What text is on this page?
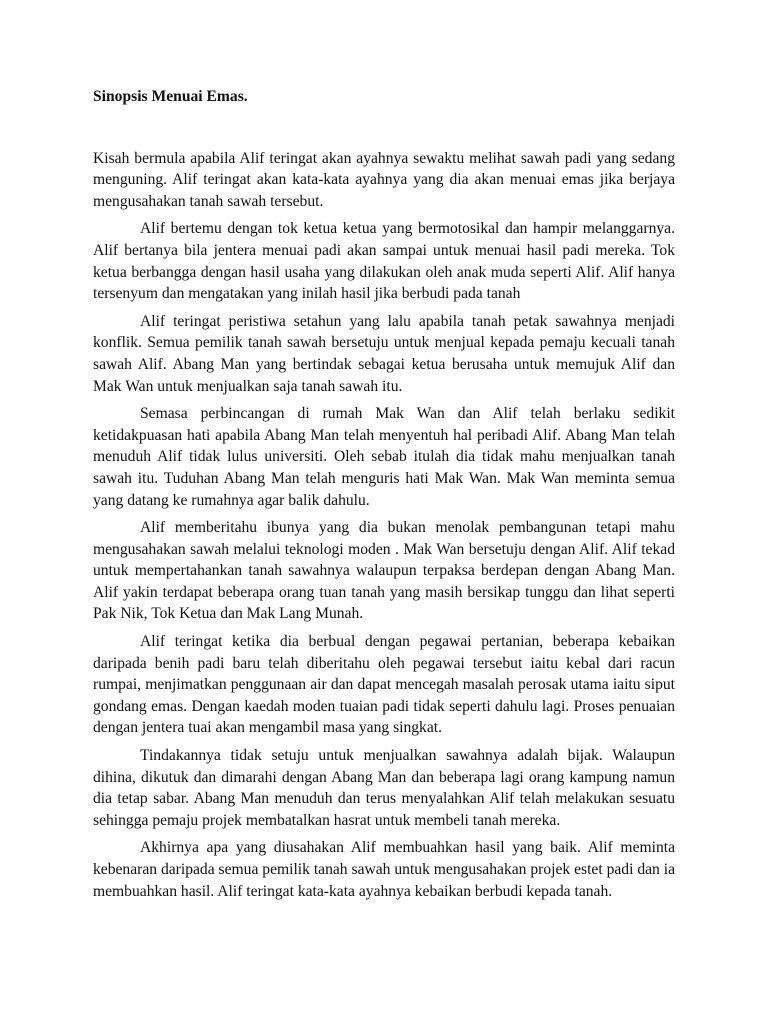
Sinopsis Menuai Emas.

Kisah bermula apabila Alif teringat akan ayahnya sewaktu melihat sawah padi yang sedang menguning. Alif teringat akan kata-kata ayahnya yang dia akan menuai emas jika berjaya mengusahakan tanah sawah tersebut.

Alif bertemu dengan tok ketua ketua yang bermotosikal dan hampir melanggarnya. Alif bertanya bila jentera menuai padi akan sampai untuk menuai hasil padi mereka. Tok ketua berbangga dengan hasil usaha yang dilakukan oleh anak muda seperti Alif. Alif hanya tersenyum dan mengatakan yang inilah hasil jika berbudi pada tanah

Alif teringat peristiwa setahun yang lalu apabila tanah petak sawahnya menjadi konflik. Semua pemilik tanah sawah bersetuju untuk menjual kepada pemaju kecuali tanah sawah Alif. Abang Man yang bertindak sebagai ketua berusaha untuk memujuk Alif dan Mak Wan untuk menjualkan saja tanah sawah itu.

Semasa perbincangan di rumah Mak Wan dan Alif telah berlaku sedikit ketidakpuasan hati apabila Abang Man telah menyentuh hal peribadi Alif. Abang Man telah menuduh Alif tidak lulus universiti. Oleh sebab itulah dia tidak mahu menjualkan tanah sawah itu. Tuduhan Abang Man telah menguris hati Mak Wan. Mak Wan meminta semua yang datang ke rumahnya agar balik dahulu.

Alif memberitahu ibunya yang dia bukan menolak pembangunan tetapi mahu mengusahakan sawah melalui teknologi moden . Mak Wan bersetuju dengan Alif. Alif tekad untuk mempertahankan tanah sawahnya walaupun terpaksa berdepan dengan Abang Man. Alif yakin terdapat beberapa orang tuan tanah yang masih bersikap tunggu dan lihat seperti Pak Nik, Tok Ketua dan Mak Lang Munah.

Alif teringat ketika dia berbual dengan pegawai pertanian, beberapa kebaikan daripada benih padi baru telah diberitahu oleh pegawai tersebut iaitu kebal dari racun rumpai, menjimatkan penggunaan air dan dapat mencegah masalah perosak utama iaitu siput gondang emas. Dengan kaedah moden tuaian padi tidak seperti dahulu lagi. Proses penuaian dengan jentera tuai akan mengambil masa yang singkat.

Tindakannya tidak setuju untuk menjualkan sawahnya adalah bijak. Walaupun dihina, dikutuk dan dimarahi dengan Abang Man dan beberapa lagi orang kampung namun dia tetap sabar. Abang Man menuduh dan terus menyalahkan Alif telah melakukan sesuatu sehingga pemaju projek membatalkan hasrat untuk membeli tanah mereka.

Akhirnya apa yang diusahakan Alif membuahkan hasil yang baik. Alif meminta kebenaran daripada semua pemilik tanah sawah untuk mengusahakan projek estet padi dan ia membuahkan hasil. Alif teringat kata-kata ayahnya kebaikan berbudi kepada tanah.
